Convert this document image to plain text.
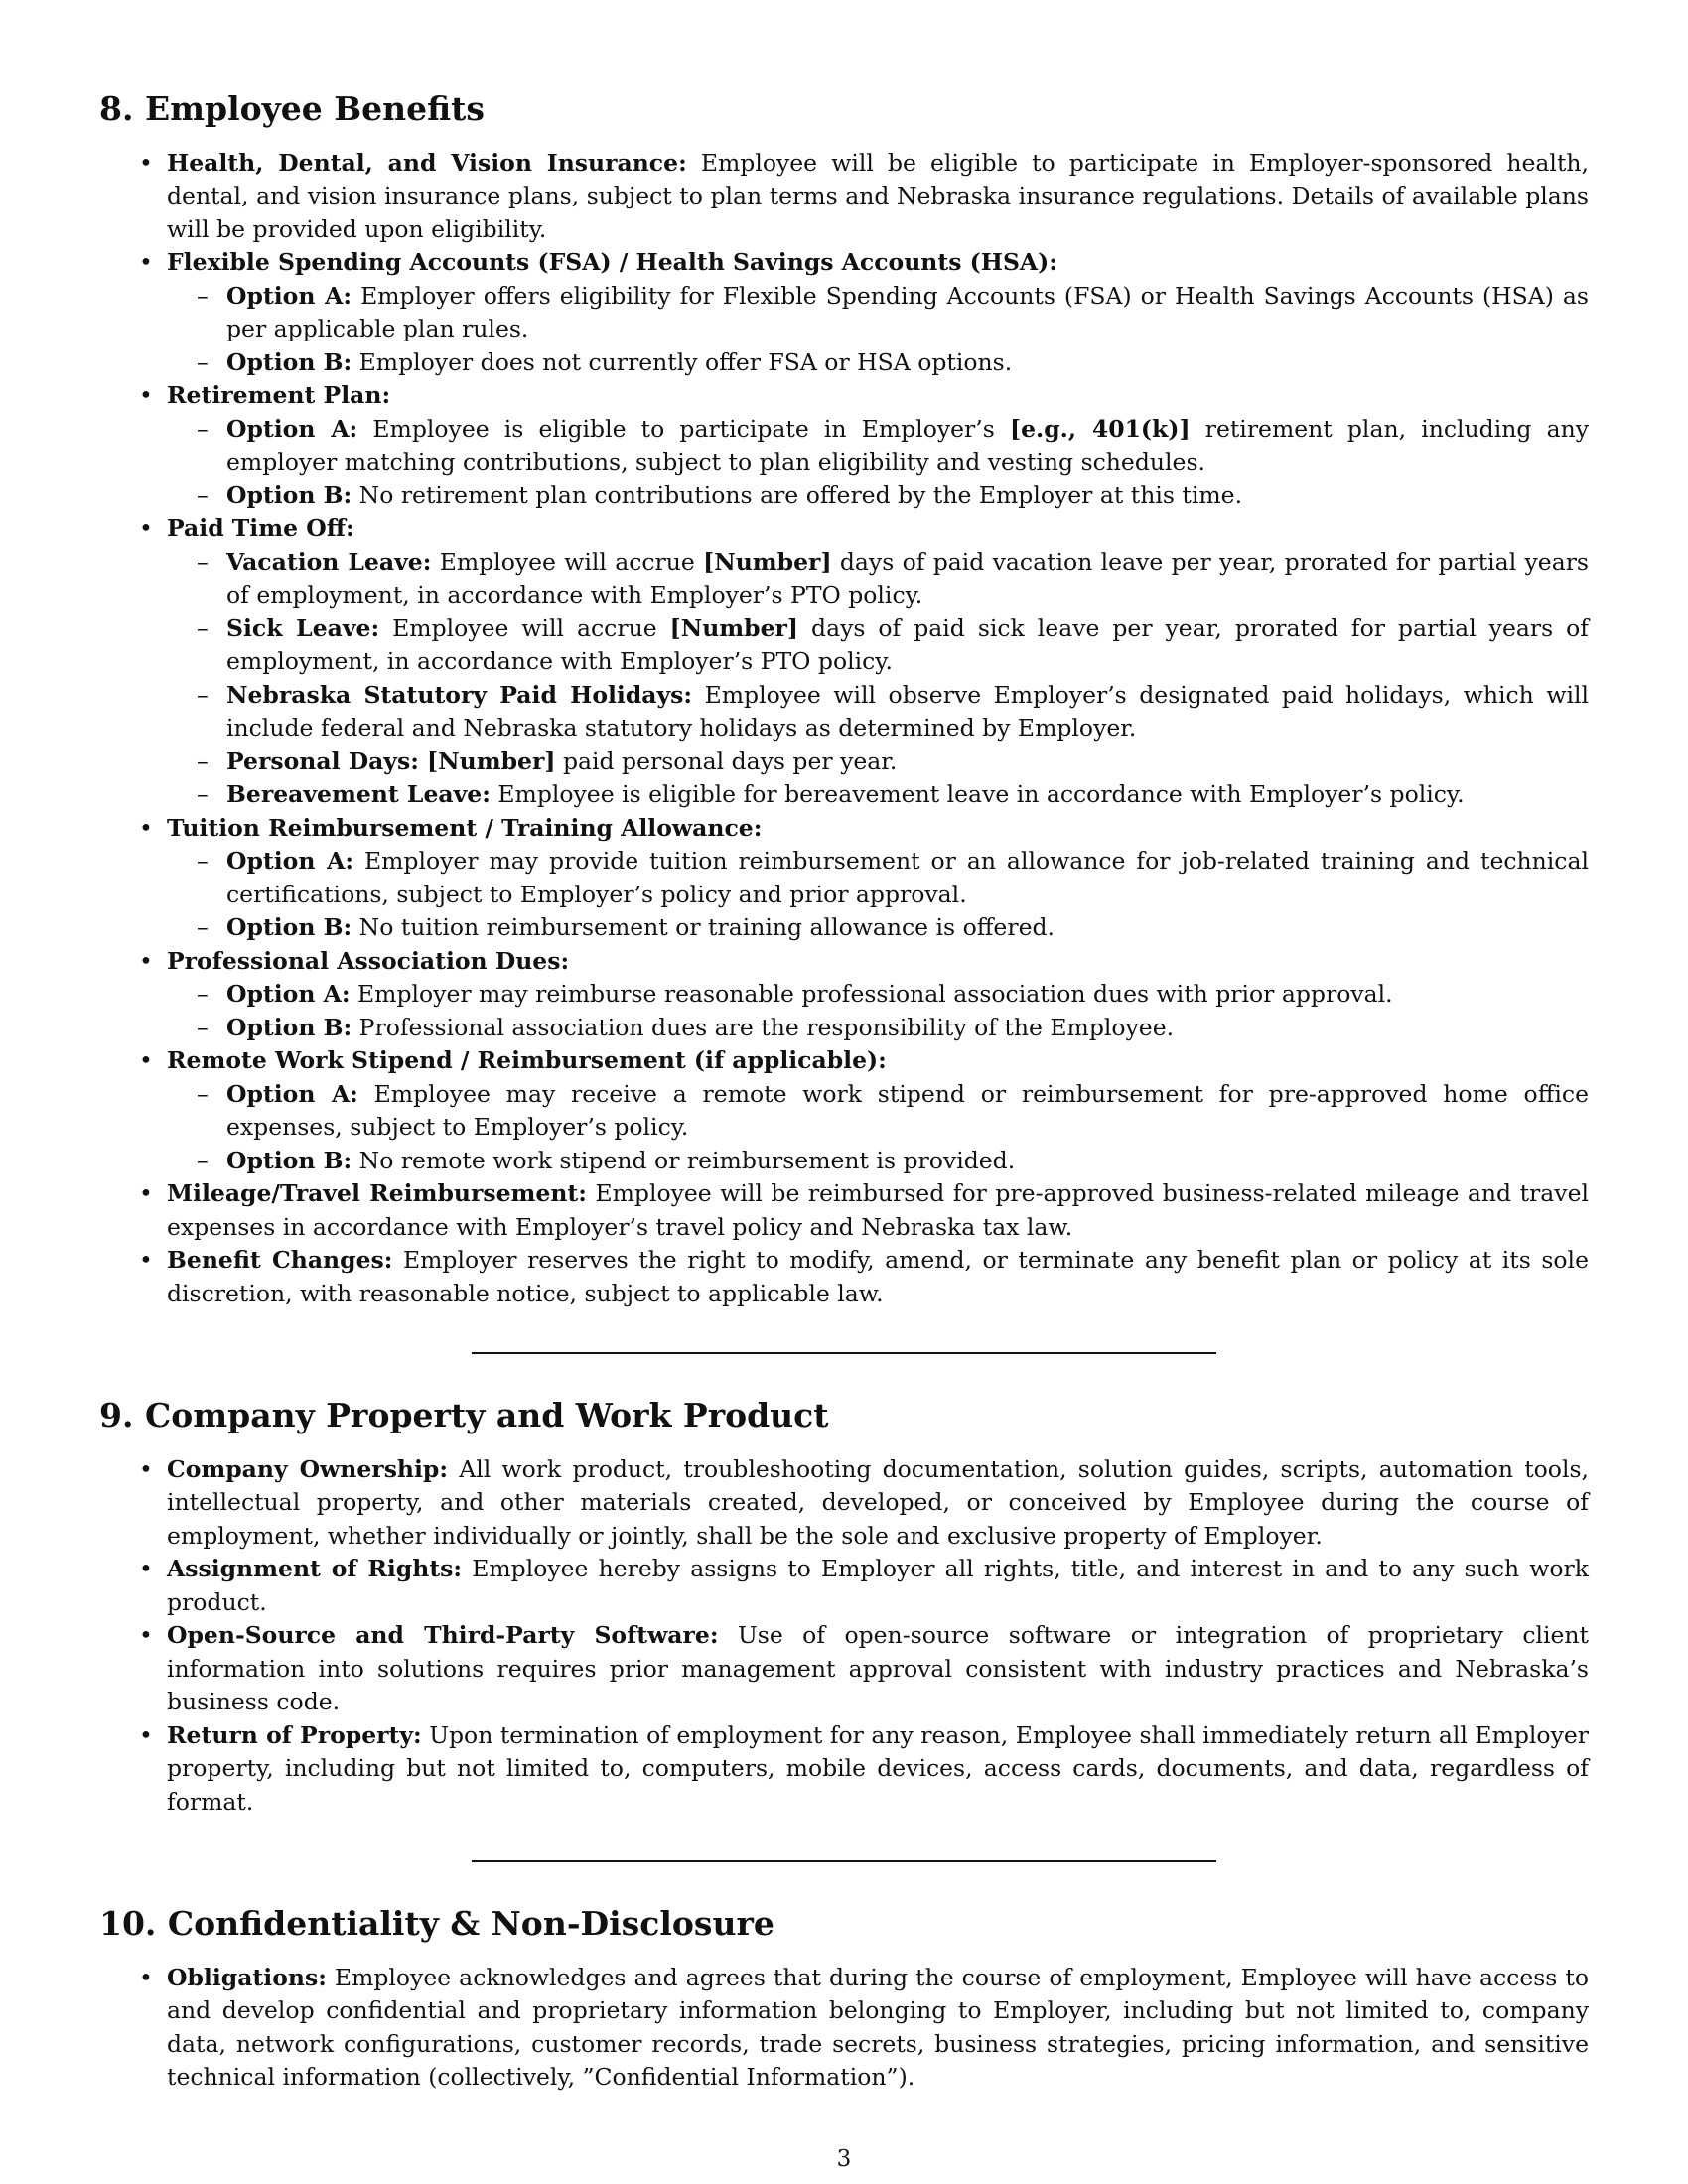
8. Employee Benefits
• Health, Dental, and Vision Insurance: Employee will be eligible to participate in Employer-sponsored health, dental, and vision insurance plans, subject to plan terms and Nebraska insurance regulations. Details of available plans will be provided upon eligibility.
• Flexible Spending Accounts (FSA) / Health Savings Accounts (HSA):
– Option A: Employer offers eligibility for Flexible Spending Accounts (FSA) or Health Savings Accounts (HSA) as per applicable plan rules.
– Option B: Employer does not currently offer FSA or HSA options.
• Retirement Plan:
– Option A: Employee is eligible to participate in Employer’s [e.g., 401(k)] retirement plan, including any employer matching contributions, subject to plan eligibility and vesting schedules.
– Option B: No retirement plan contributions are offered by the Employer at this time.
• Paid Time Off:
– Vacation Leave: Employee will accrue [Number] days of paid vacation leave per year, prorated for partial years of employment, in accordance with Employer’s PTO policy.
– Sick Leave: Employee will accrue [Number] days of paid sick leave per year, prorated for partial years of employment, in accordance with Employer’s PTO policy.
– Nebraska Statutory Paid Holidays: Employee will observe Employer’s designated paid holidays, which will include federal and Nebraska statutory holidays as determined by Employer.
– Personal Days: [Number] paid personal days per year.
– Bereavement Leave: Employee is eligible for bereavement leave in accordance with Employer’s policy.
• Tuition Reimbursement / Training Allowance:
– Option A: Employer may provide tuition reimbursement or an allowance for job-related training and technical certifications, subject to Employer’s policy and prior approval.
– Option B: No tuition reimbursement or training allowance is offered.
• Professional Association Dues:
– Option A: Employer may reimburse reasonable professional association dues with prior approval.
– Option B: Professional association dues are the responsibility of the Employee.
• Remote Work Stipend / Reimbursement (if applicable):
– Option A: Employee may receive a remote work stipend or reimbursement for pre-approved home office expenses, subject to Employer’s policy.
– Option B: No remote work stipend or reimbursement is provided.
• Mileage/Travel Reimbursement: Employee will be reimbursed for pre-approved business-related mileage and travel expenses in accordance with Employer’s travel policy and Nebraska tax law.
• Benefit Changes: Employer reserves the right to modify, amend, or terminate any benefit plan or policy at its sole discretion, with reasonable notice, subject to applicable law.
9. Company Property and Work Product
• Company Ownership: All work product, troubleshooting documentation, solution guides, scripts, automation tools, intellectual property, and other materials created, developed, or conceived by Employee during the course of employment, whether individually or jointly, shall be the sole and exclusive property of Employer.
• Assignment of Rights: Employee hereby assigns to Employer all rights, title, and interest in and to any such work product.
• Open-Source and Third-Party Software: Use of open-source software or integration of proprietary client information into solutions requires prior management approval consistent with industry practices and Nebraska’s business code.
• Return of Property: Upon termination of employment for any reason, Employee shall immediately return all Employer property, including but not limited to, computers, mobile devices, access cards, documents, and data, regardless of format.
10. Confidentiality & Non-Disclosure
• Obligations: Employee acknowledges and agrees that during the course of employment, Employee will have access to and develop confidential and proprietary information belonging to Employer, including but not limited to, company data, network configurations, customer records, trade secrets, business strategies, pricing information, and sensitive technical information (collectively, ”Confidential Information”).
3
